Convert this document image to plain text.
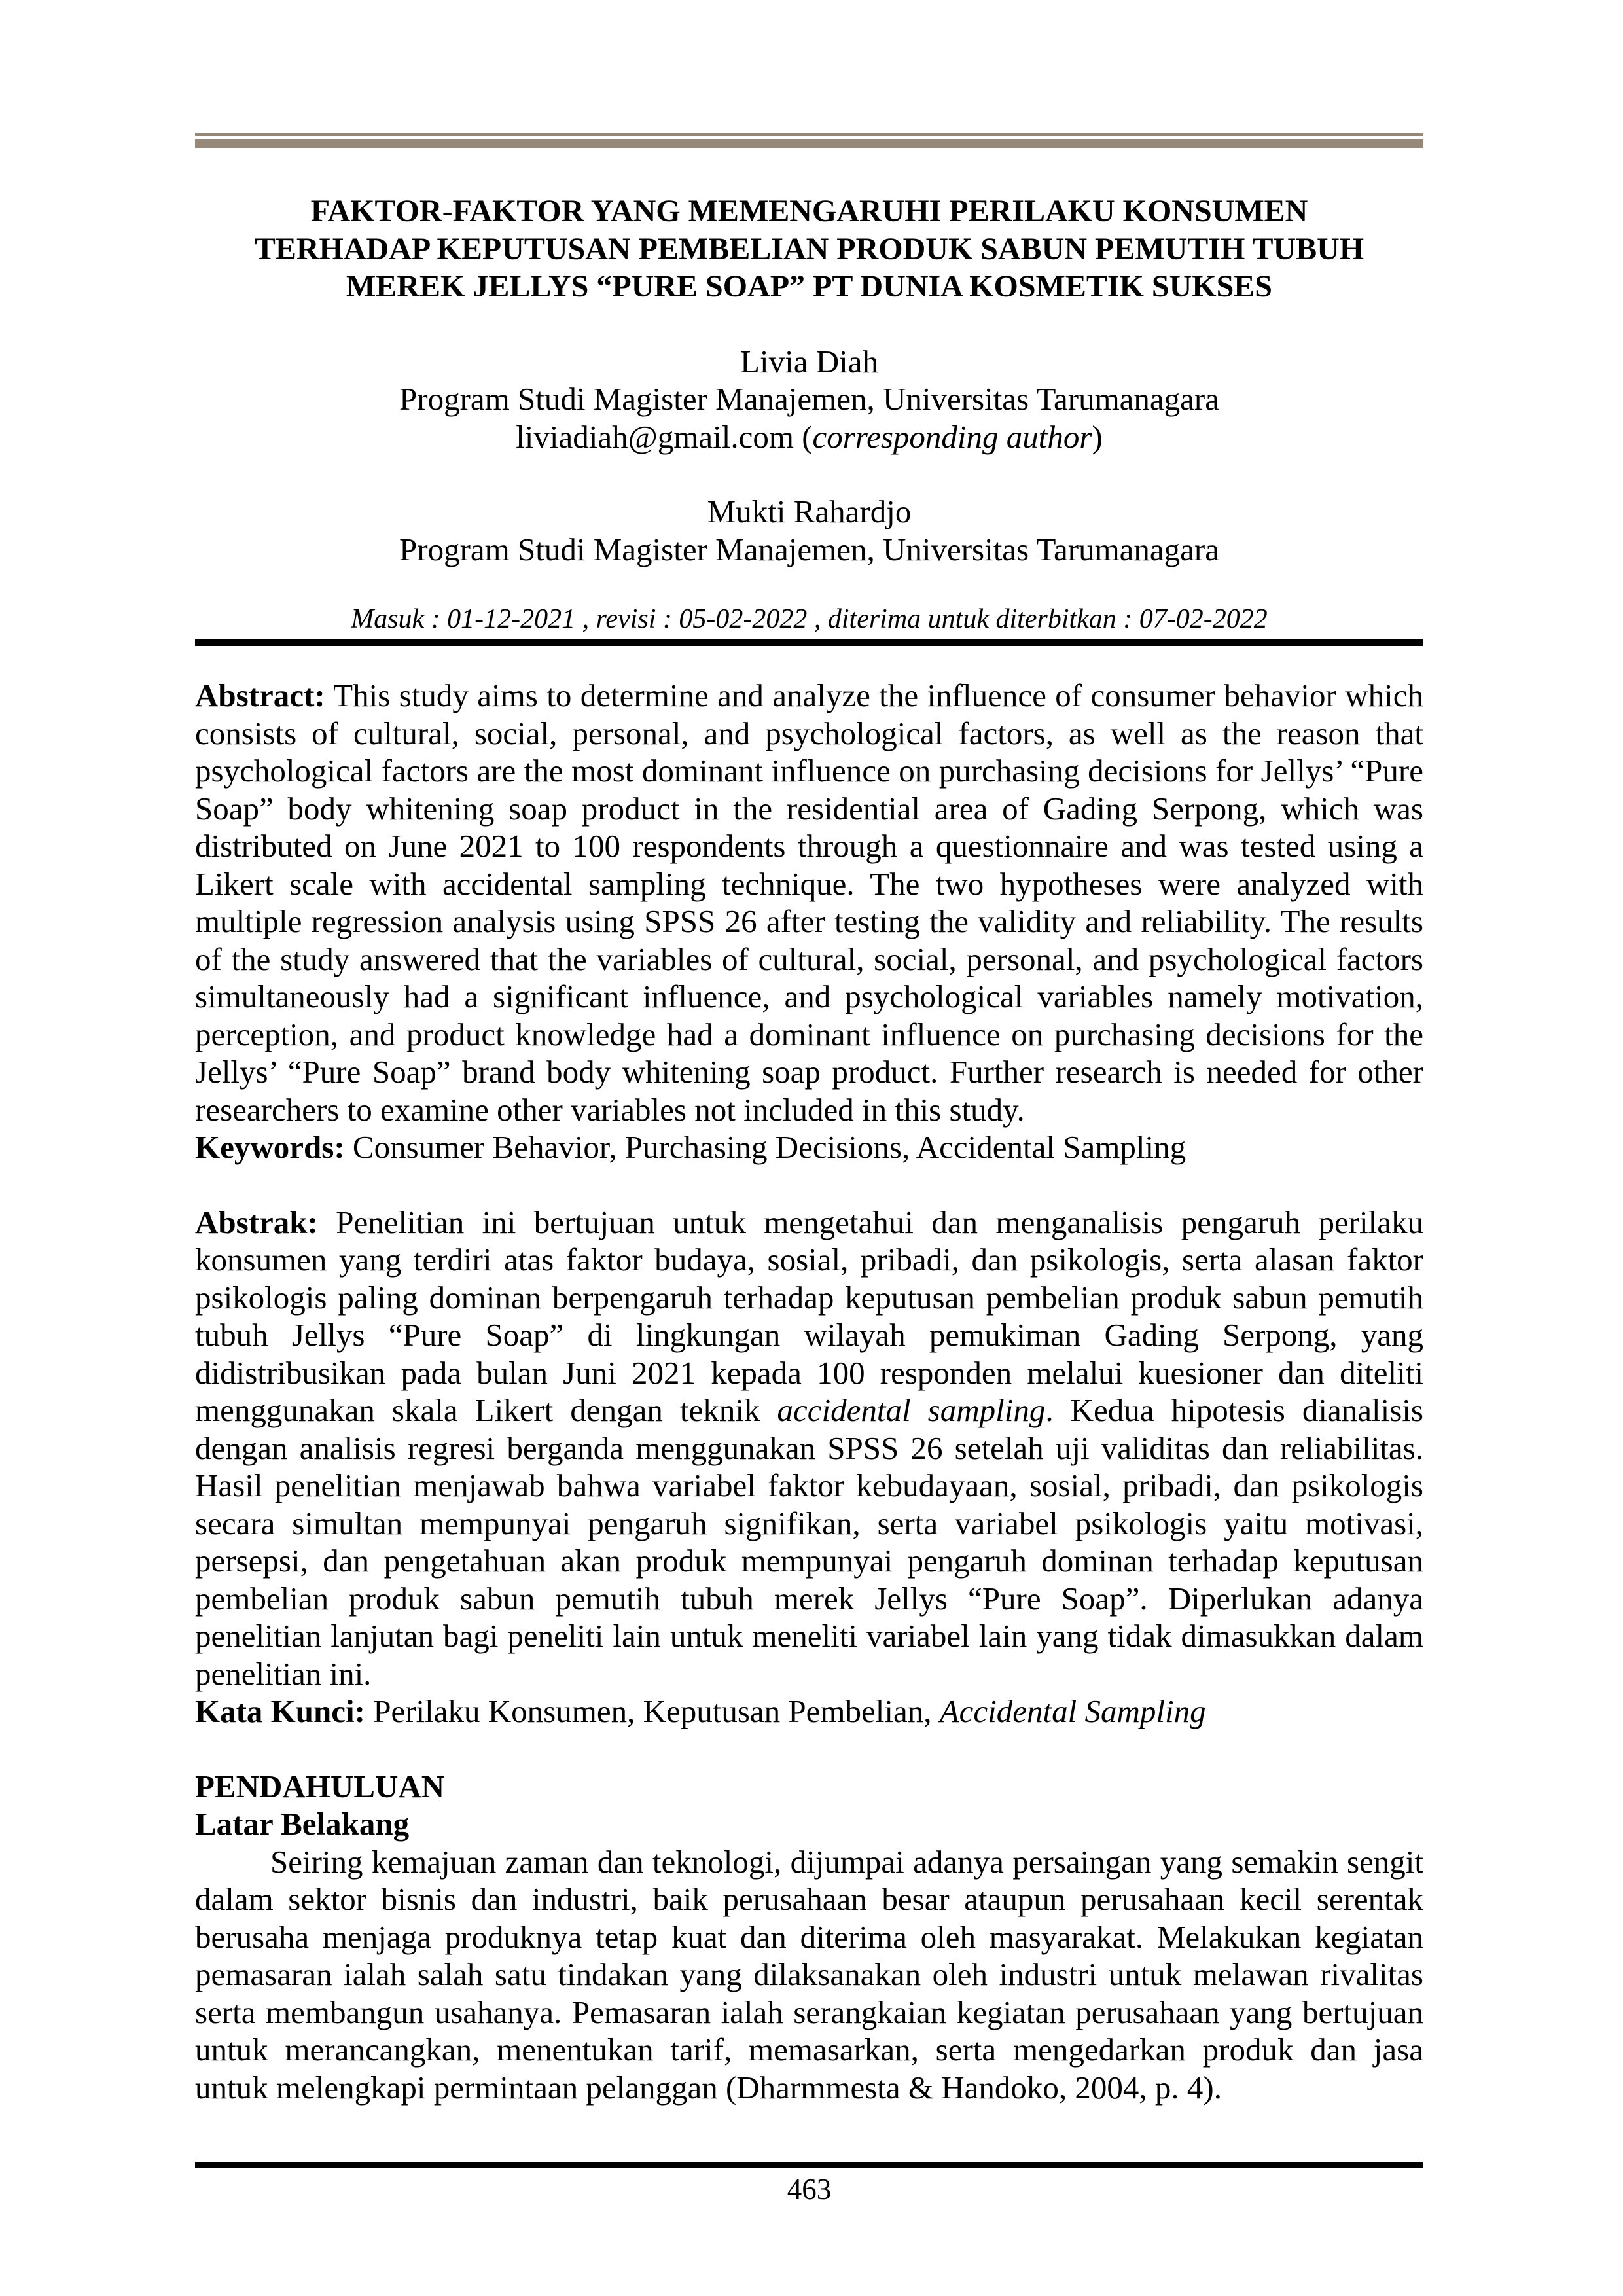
FAKTOR-FAKTOR YANG MEMENGARUHI PERILAKU KONSUMEN
TERHADAP KEPUTUSAN PEMBELIAN PRODUK SABUN PEMUTIH TUBUH
MEREK JELLYS “PURE SOAP” PT DUNIA KOSMETIK SUKSES
Livia Diah
Program Studi Magister Manajemen, Universitas Tarumanagara
liviadiah@gmail.com (corresponding author)
Mukti Rahardjo
Program Studi Magister Manajemen, Universitas Tarumanagara
Masuk : 01-12-2021 , revisi : 05-02-2022 , diterima untuk diterbitkan : 07-02-2022
Abstract: This study aims to determine and analyze the influence of consumer behavior which consists of cultural, social, personal, and psychological factors, as well as the reason that psychological factors are the most dominant influence on purchasing decisions for Jellys’ “Pure Soap” body whitening soap product in the residential area of Gading Serpong, which was distributed on June 2021 to 100 respondents through a questionnaire and was tested using a Likert scale with accidental sampling technique. The two hypotheses were analyzed with multiple regression analysis using SPSS 26 after testing the validity and reliability. The results of the study answered that the variables of cultural, social, personal, and psychological factors simultaneously had a significant influence, and psychological variables namely motivation, perception, and product knowledge had a dominant influence on purchasing decisions for the Jellys’ “Pure Soap” brand body whitening soap product. Further research is needed for other researchers to examine other variables not included in this study.
Keywords: Consumer Behavior, Purchasing Decisions, Accidental Sampling
Abstrak: Penelitian ini bertujuan untuk mengetahui dan menganalisis pengaruh perilaku konsumen yang terdiri atas faktor budaya, sosial, pribadi, dan psikologis, serta alasan faktor psikologis paling dominan berpengaruh terhadap keputusan pembelian produk sabun pemutih tubuh Jellys “Pure Soap” di lingkungan wilayah pemukiman Gading Serpong, yang didistribusikan pada bulan Juni 2021 kepada 100 responden melalui kuesioner dan diteliti menggunakan skala Likert dengan teknik accidental sampling. Kedua hipotesis dianalisis dengan analisis regresi berganda menggunakan SPSS 26 setelah uji validitas dan reliabilitas. Hasil penelitian menjawab bahwa variabel faktor kebudayaan, sosial, pribadi, dan psikologis secara simultan mempunyai pengaruh signifikan, serta variabel psikologis yaitu motivasi, persepsi, dan pengetahuan akan produk mempunyai pengaruh dominan terhadap keputusan pembelian produk sabun pemutih tubuh merek Jellys “Pure Soap”. Diperlukan adanya penelitian lanjutan bagi peneliti lain untuk meneliti variabel lain yang tidak dimasukkan dalam penelitian ini.
Kata Kunci: Perilaku Konsumen, Keputusan Pembelian, Accidental Sampling
PENDAHULUAN
Latar Belakang
Seiring kemajuan zaman dan teknologi, dijumpai adanya persaingan yang semakin sengit dalam sektor bisnis dan industri, baik perusahaan besar ataupun perusahaan kecil serentak berusaha menjaga produknya tetap kuat dan diterima oleh masyarakat. Melakukan kegiatan pemasaran ialah salah satu tindakan yang dilaksanakan oleh industri untuk melawan rivalitas serta membangun usahanya. Pemasaran ialah serangkaian kegiatan perusahaan yang bertujuan untuk merancangkan, menentukan tarif, memasarkan, serta mengedarkan produk dan jasa untuk melengkapi permintaan pelanggan (Dharmmesta & Handoko, 2004, p. 4).
463
